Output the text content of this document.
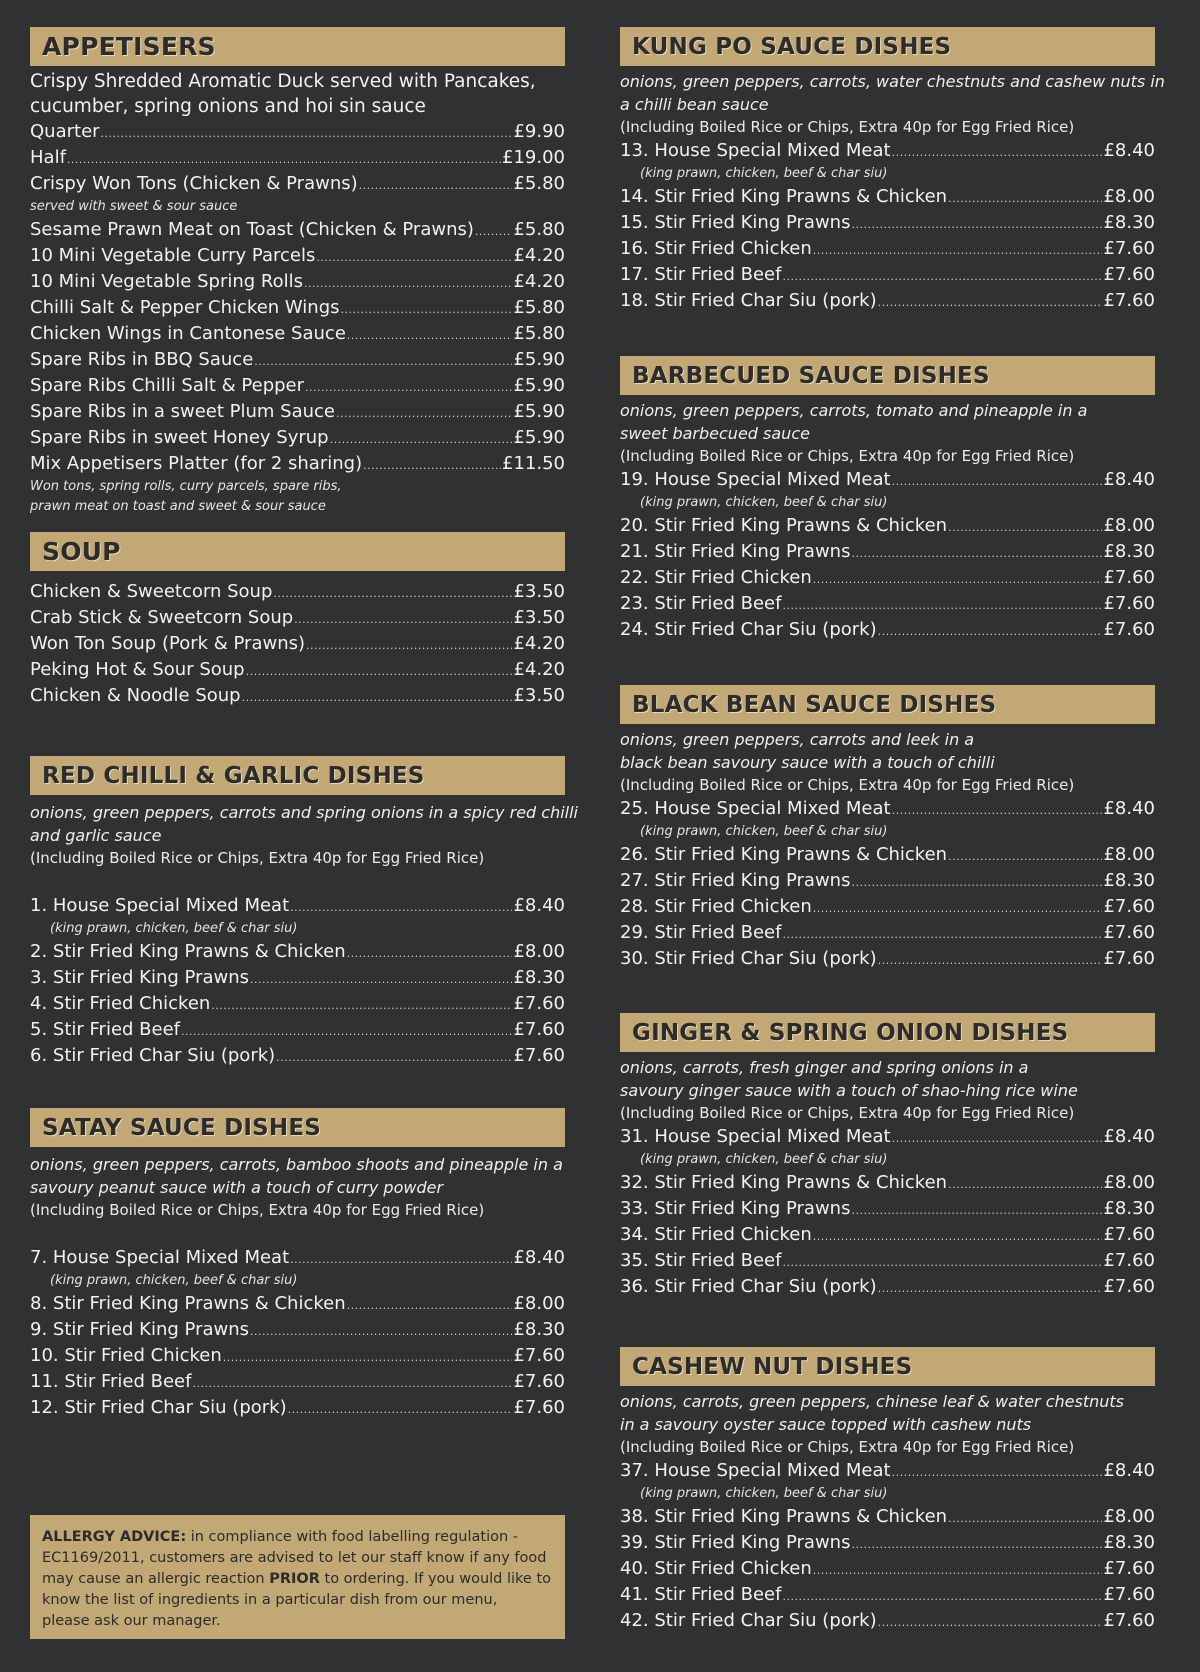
APPETISERS
Crispy Shredded Aromatic Duck served with Pancakes,
cucumber, spring onions and hoi sin sauce
Quarter .....	£9.90
Half .....	£19.00
Crispy Won Tons (Chicken & Prawns) .....	£5.80
served with sweet & sour sauce
Sesame Prawn Meat on Toast (Chicken & Prawns) ..... £5.80
10 Mini Vegetable Curry Parcels .....	£4.20
10 Mini Vegetable Spring Rolls .....	£4.20
Chilli Salt & Pepper Chicken Wings .....	£5.80
Chicken Wings in Cantonese Sauce .....	£5.80
Spare Ribs in BBQ Sauce .....	£5.90
Spare Ribs Chilli Salt & Pepper .....	£5.90
Spare Ribs in a sweet Plum Sauce .....	£5.90
Spare Ribs in sweet Honey Syrup .....	£5.90
Mix Appetisers Platter (for 2 sharing) .....	£11.50
Won tons, spring rolls, curry parcels, spare ribs,
prawn meat on toast and sweet & sour sauce
SOUP
Chicken & Sweetcorn Soup .....	£3.50
Crab Stick & Sweetcorn Soup .....	£3.50
Won Ton Soup (Pork & Prawns) .....	£4.20
Peking Hot & Sour Soup .....	£4.20
Chicken & Noodle Soup .....	£3.50
RED CHILLI & GARLIC DISHES
onions, green peppers, carrots and spring onions in a spicy red chilli
and garlic sauce
(Including Boiled Rice or Chips, Extra 40p for Egg Fried Rice)
1. House Special Mixed Meat .....	£8.40
(king prawn, chicken, beef & char siu)
2. Stir Fried King Prawns & Chicken .....	£8.00
3. Stir Fried King Prawns .....	£8.30
4. Stir Fried Chicken .....	£7.60
5. Stir Fried Beef .....	£7.60
6. Stir Fried Char Siu (pork) .....	£7.60
SATAY SAUCE DISHES
onions, green peppers, carrots, bamboo shoots and pineapple in a
savoury peanut sauce with a touch of curry powder
(Including Boiled Rice or Chips, Extra 40p for Egg Fried Rice)
7. House Special Mixed Meat .....	£8.40
(king prawn, chicken, beef & char siu)
8. Stir Fried King Prawns & Chicken .....	£8.00
9. Stir Fried King Prawns .....	£8.30
10. Stir Fried Chicken .....	£7.60
11. Stir Fried Beef .....	£7.60
12. Stir Fried Char Siu (pork) .....	£7.60
ALLERGY ADVICE: in compliance with food labelling regulation -
EC1169/2011, customers are advised to let our staff know if any food
may cause an allergic reaction PRIOR to ordering. If you would like to
know the list of ingredients in a particular dish from our menu,
please ask our manager.
KUNG PO SAUCE DISHES
onions, green peppers, carrots, water chestnuts and cashew nuts in
a chilli bean sauce
(Including Boiled Rice or Chips, Extra 40p for Egg Fried Rice)
13. House Special Mixed Meat .....	£8.40
(king prawn, chicken, beef & char siu)
14. Stir Fried King Prawns & Chicken .....	£8.00
15. Stir Fried King Prawns .....	£8.30
16. Stir Fried Chicken .....	£7.60
17. Stir Fried Beef .....	£7.60
18. Stir Fried Char Siu (pork) .....	£7.60
BARBECUED SAUCE DISHES
onions, green peppers, carrots, tomato and pineapple in a
sweet barbecued sauce
(Including Boiled Rice or Chips, Extra 40p for Egg Fried Rice)
19. House Special Mixed Meat .....	£8.40
(king prawn, chicken, beef & char siu)
20. Stir Fried King Prawns & Chicken .....	£8.00
21. Stir Fried King Prawns .....	£8.30
22. Stir Fried Chicken .....	£7.60
23. Stir Fried Beef .....	£7.60
24. Stir Fried Char Siu (pork) .....	£7.60
BLACK BEAN SAUCE DISHES
onions, green peppers, carrots and leek in a
black bean savoury sauce with a touch of chilli
(Including Boiled Rice or Chips, Extra 40p for Egg Fried Rice)
25. House Special Mixed Meat .....	£8.40
(king prawn, chicken, beef & char siu)
26. Stir Fried King Prawns & Chicken .....	£8.00
27. Stir Fried King Prawns .....	£8.30
28. Stir Fried Chicken .....	£7.60
29. Stir Fried Beef .....	£7.60
30. Stir Fried Char Siu (pork) .....	£7.60
GINGER & SPRING ONION DISHES
onions, carrots, fresh ginger and spring onions in a
savoury ginger sauce with a touch of shao-hing rice wine
(Including Boiled Rice or Chips, Extra 40p for Egg Fried Rice)
31. House Special Mixed Meat .....	£8.40
(king prawn, chicken, beef & char siu)
32. Stir Fried King Prawns & Chicken .....	£8.00
33. Stir Fried King Prawns .....	£8.30
34. Stir Fried Chicken .....	£7.60
35. Stir Fried Beef .....	£7.60
36. Stir Fried Char Siu (pork) .....	£7.60
CASHEW NUT DISHES
onions, carrots, green peppers, chinese leaf & water chestnuts
in a savoury oyster sauce topped with cashew nuts
(Including Boiled Rice or Chips, Extra 40p for Egg Fried Rice)
37. House Special Mixed Meat .....	£8.40
(king prawn, chicken, beef & char siu)
38. Stir Fried King Prawns & Chicken .....	£8.00
39. Stir Fried King Prawns .....	£8.30
40. Stir Fried Chicken .....	£7.60
41. Stir Fried Beef .....	£7.60
42. Stir Fried Char Siu (pork) .....	£7.60
